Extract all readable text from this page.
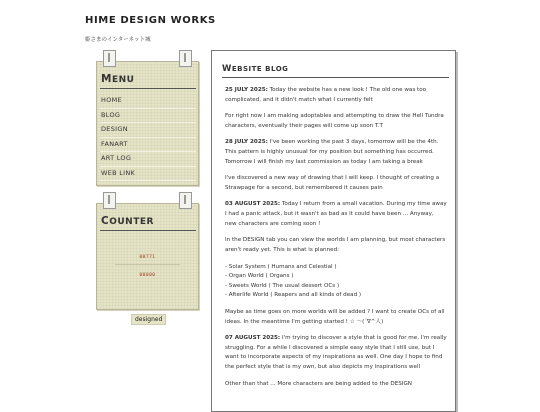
HIME DESIGN WORKS
姫さまのインターネット城
MENU
HOME
BLOG
DESIGN
FANART
ART LOG
WEB LINK
COUNTER
00771
00000
designed
WEBSITE BLOG

25 JULY 2025: Today the website has a new look ! The old one was too complicated, and it didn't match what I currently felt

For right now I am making adoptables and attempting to draw the Hell Tundra characters, eventually their pages will come up soon T.T

28 JULY 2025: I've been working the past 3 days, tomorrow will be the 4th. This pattern is highly unusual for my position but something has occurred. Tomorrow I will finish my last commission as today I am taking a break

I've discovered a new way of drawing that I will keep. I thought of creating a Strawpage for a second, but remembered it causes pain

03 AUGUST 2025: Today I return from a small vacation. During my time away I had a panic attack, but it wasn't as bad as it could have been ... Anyway, new characters are coming soon !

In the DESIGN tab you can view the worlds I am planning, but most characters aren't ready yet. This is what is planned:

- Solar System ( Humans and Celestial )
- Organ World ( Organs )
- Sweets World ( The usual dessert OCs )
- Afterlife World ( Reapers and all kinds of dead )

Maybe as time goes on more worlds will be added ? I want to create OCs of all ideas. In the meantime I'm getting started ! ☆ ～(´∇^人)

07 AUGUST 2025: I'm trying to discover a style that is good for me, I'm really struggling. For a while I discovered a simple easy style that I still use, but I want to incorporate aspects of my inspirations as well. One day I hope to find the perfect style that is my own, but also depicts my inspirations well

Other than that ... More characters are being added to the DESIGN
